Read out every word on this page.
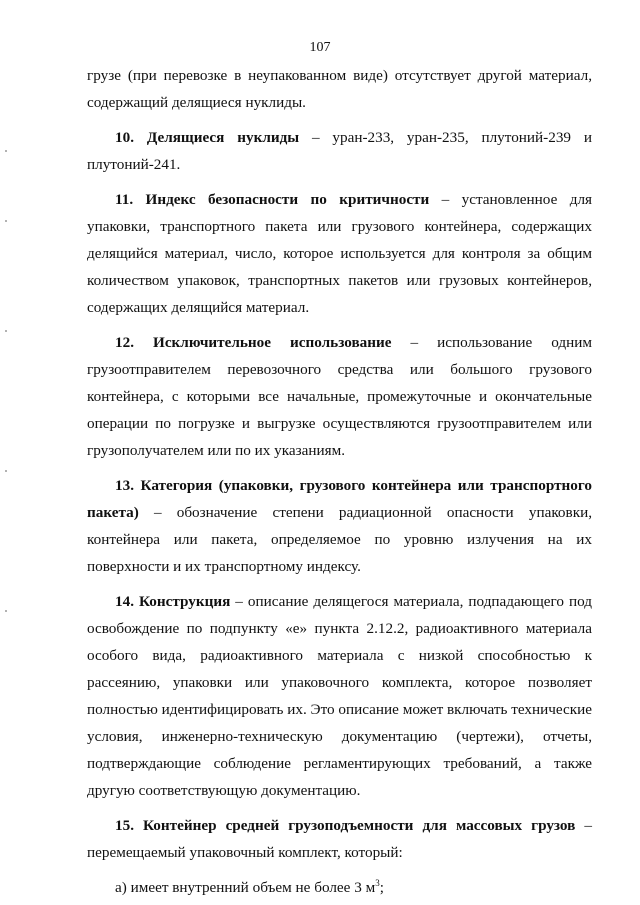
107

грузе (при перевозке в неупакованном виде) отсутствует другой материал, содержащий делящиеся нуклиды.

10. Делящиеся нуклиды – уран-233, уран-235, плутоний-239 и плутоний-241.

11. Индекс безопасности по критичности – установленное для упаковки, транспортного пакета или грузового контейнера, содержащих делящийся материал, число, которое используется для контроля за общим количеством упаковок, транспортных пакетов или грузовых контейнеров, содержащих делящийся материал.

12. Исключительное использование – использование одним грузоотправителем перевозочного средства или большого грузового контейнера, с которыми все начальные, промежуточные и окончательные операции по погрузке и выгрузке осуществляются грузоотправителем или грузополучателем или по их указаниям.

13. Категория (упаковки, грузового контейнера или транспортного пакета) – обозначение степени радиационной опасности упаковки, контейнера или пакета, определяемое по уровню излучения на их поверхности и их транспортному индексу.

14. Конструкция – описание делящегося материала, подпадающего под освобождение по подпункту «е» пункта 2.12.2, радиоактивного материала особого вида, радиоактивного материала с низкой способностью к рассеянию, упаковки или упаковочного комплекта, которое позволяет полностью идентифицировать их. Это описание может включать технические условия, инженерно-техническую документацию (чертежи), отчеты, подтверждающие соблюдение регламентирующих требований, а также другую соответствующую документацию.

15. Контейнер средней грузоподъемности для массовых грузов – перемещаемый упаковочный комплект, который:

а) имеет внутренний объем не более 3 $м^3$;
